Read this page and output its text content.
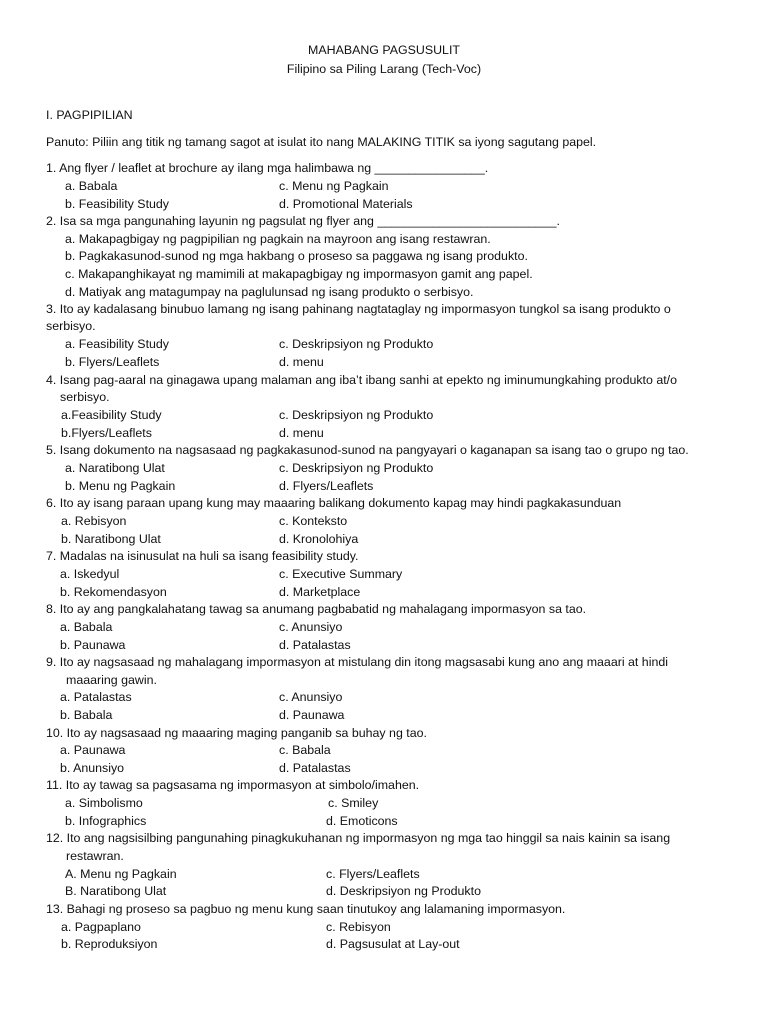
MAHABANG PAGSUSULIT
Filipino sa Piling Larang (Tech-Voc)
I. PAGPIPILIAN
Panuto: Piliin ang titik ng tamang sagot at isulat ito nang MALAKING TITIK sa iyong sagutang papel.
1. Ang flyer / leaflet at brochure ay ilang mga halimbawa ng ________________.
a. Babala	c. Menu ng Pagkain
b. Feasibility Study	d. Promotional Materials
2. Isa sa mga pangunahing layunin ng pagsulat ng flyer ang __________________________.
a. Makapagbigay ng pagpipilian ng pagkain na mayroon ang isang restawran.
b. Pagkakasunod-sunod ng mga hakbang o proseso sa paggawa ng isang produkto.
c. Makapanghikayat ng mamimili at makapagbigay ng impormasyon gamit ang papel.
d. Matiyak ang matagumpay na paglulunsad ng isang produkto o serbisyo.
3. Ito ay kadalasang binubuo lamang ng isang pahinang nagtataglay ng impormasyon tungkol sa isang produkto o
serbisyo.
a. Feasibility Study	c. Deskripsiyon ng Produkto
b. Flyers/Leaflets	d. menu
4. Isang pag-aaral na ginagawa upang malaman ang iba’t ibang sanhi at epekto ng iminumungkahing produkto at/o
serbisyo.
a.Feasibility Study	c. Deskripsiyon ng Produkto
b.Flyers/Leaflets	d. menu
5. Isang dokumento na nagsasaad ng pagkakasunod-sunod na pangyayari o kaganapan sa isang tao o grupo ng tao.
a. Naratibong Ulat	c. Deskripsiyon ng Produkto
b. Menu ng Pagkain	d. Flyers/Leaflets
6. Ito ay isang paraan upang kung may maaaring balikang dokumento kapag may hindi pagkakasunduan
a. Rebisyon	c. Konteksto
b. Naratibong Ulat	d. Kronolohiya
7. Madalas na isinusulat na huli sa isang feasibility study.
a. Iskedyul	c. Executive Summary
b. Rekomendasyon	d. Marketplace
8. Ito ay ang pangkalahatang tawag sa anumang pagbabatid ng mahalagang impormasyon sa tao.
a. Babala	c. Anunsiyo
b. Paunawa	d. Patalastas
9. Ito ay nagsasaad ng mahalagang impormasyon at mistulang din itong magsasabi kung ano ang maaari at hindi
maaaring gawin.
a. Patalastas	c. Anunsiyo
b. Babala	d. Paunawa
10. Ito ay nagsasaad ng maaaring maging panganib sa buhay ng tao.
a. Paunawa	c. Babala
b. Anunsiyo	d. Patalastas
11. Ito ay tawag sa pagsasama ng impormasyon at simbolo/imahen.
a. Simbolismo	c. Smiley
b. Infographics	d. Emoticons
12. Ito ang nagsisilbing pangunahing pinagkukuhanan ng impormasyon ng mga tao hinggil sa nais kainin sa isang
restawran.
A. Menu ng Pagkain	c. Flyers/Leaflets
B. Naratibong Ulat	d. Deskripsiyon ng Produkto
13. Bahagi ng proseso sa pagbuo ng menu kung saan tinutukoy ang lalamaning impormasyon.
a. Pagpaplano	c. Rebisyon
b. Reproduksiyon	d. Pagsusulat at Lay-out
